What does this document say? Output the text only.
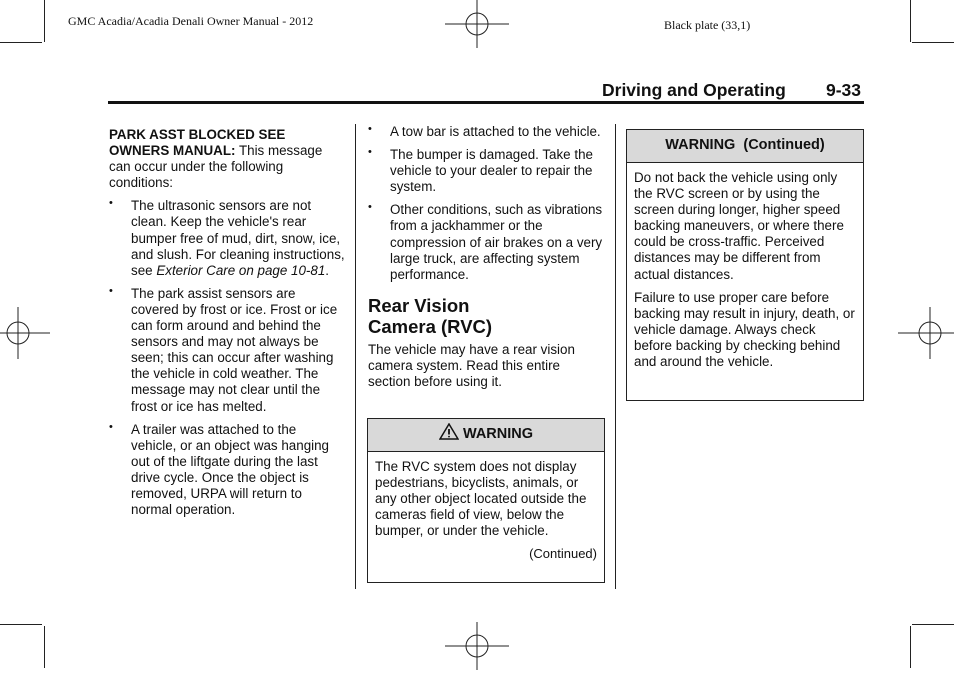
GMC Acadia/Acadia Denali Owner Manual - 2012	Black plate (33,1)
Driving and Operating 9-33
PARK ASST BLOCKED SEE OWNERS MANUAL: This message can occur under the following conditions:
• The ultrasonic sensors are not clean. Keep the vehicle's rear bumper free of mud, dirt, snow, ice, and slush. For cleaning instructions, see Exterior Care on page 10-81.
• The park assist sensors are covered by frost or ice. Frost or ice can form around and behind the sensors and may not always be seen; this can occur after washing the vehicle in cold weather. The message may not clear until the frost or ice has melted.
• A trailer was attached to the vehicle, or an object was hanging out of the liftgate during the last drive cycle. Once the object is removed, URPA will return to normal operation.
• A tow bar is attached to the vehicle.
• The bumper is damaged. Take the vehicle to your dealer to repair the system.
• Other conditions, such as vibrations from a jackhammer or the compression of air brakes on a very large truck, are affecting system performance.
Rear Vision
Camera (RVC)
The vehicle may have a rear vision camera system. Read this entire section before using it.
WARNING

The RVC system does not display pedestrians, bicyclists, animals, or any other object located outside the cameras field of view, below the bumper, or under the vehicle.

(Continued)
WARNING  (Continued)

Do not back the vehicle using only the RVC screen or by using the screen during longer, higher speed backing maneuvers, or where there could be cross-traffic. Perceived distances may be different from actual distances.

Failure to use proper care before backing may result in injury, death, or vehicle damage. Always check before backing by checking behind and around the vehicle.
